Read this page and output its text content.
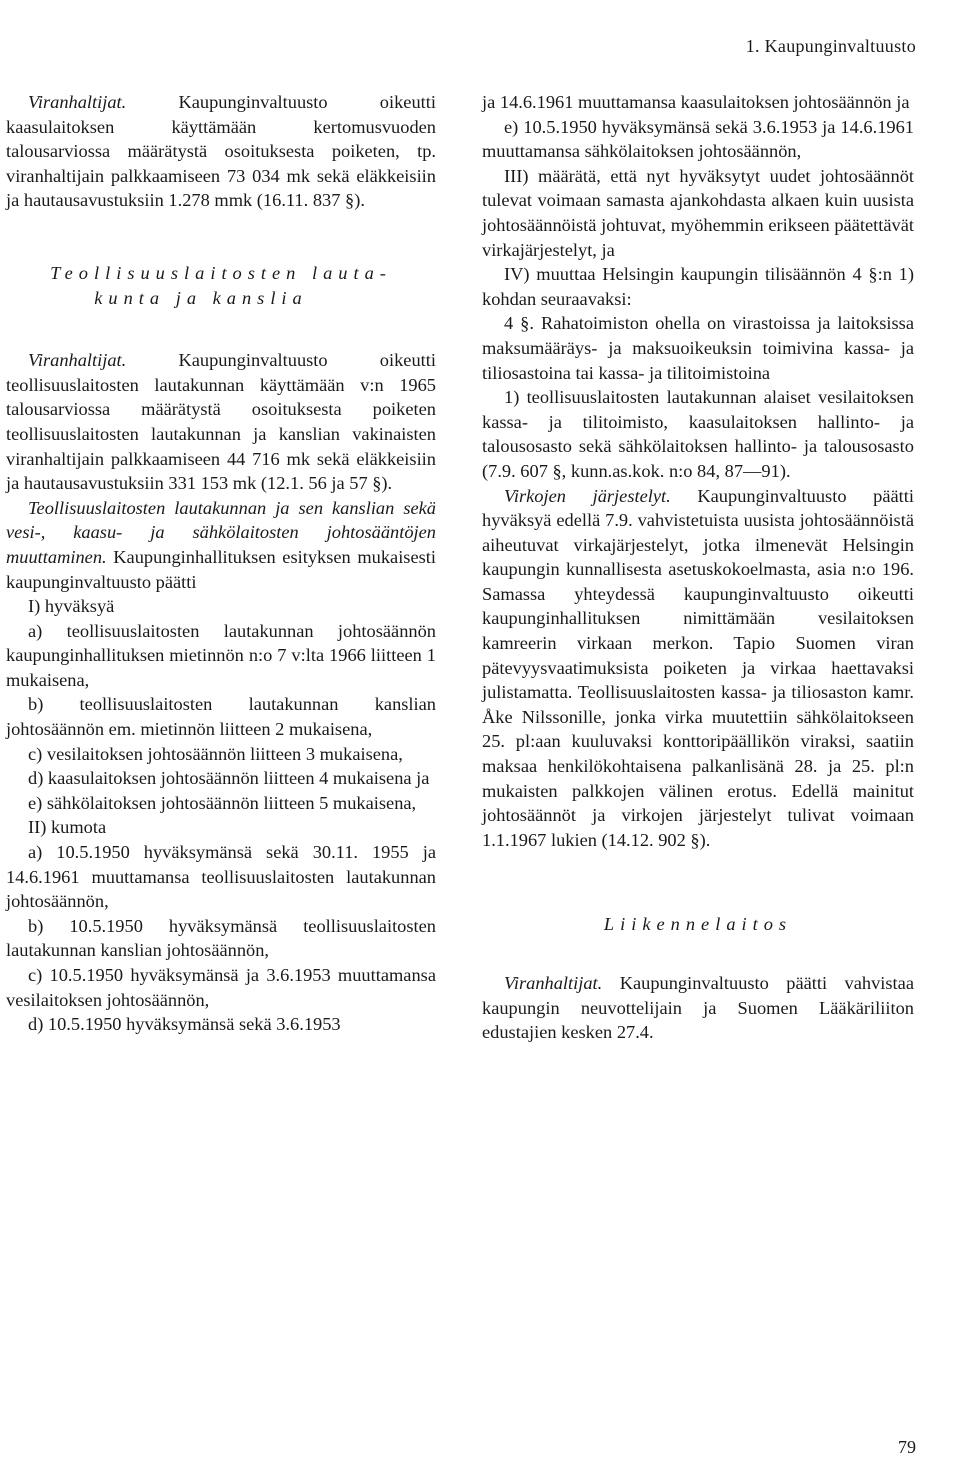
1. Kaupunginvaltuusto

Viranhaltijat. Kaupunginvaltuusto oikeutti kaasulaitoksen käyttämään kertomusvuoden talousarviossa määrätystä osoituksesta poiketen, tp. viranhaltijain palkkaamiseen 73 034 mk sekä eläkkeisiin ja hautausavustuksiin 1.278 mmk (16.11. 837 §).

Teollisuuslaitosten lauta-

kunta ja kanslia

Viranhaltijat. Kaupunginvaltuusto oikeutti teollisuuslaitosten lautakunnan käyttämään v:n 1965 talousarviossa määrätystä osoituksesta poiketen teollisuuslaitosten lautakunnan ja kanslian vakinaisten viranhaltijain palkkaamiseen 44 716 mk sekä eläkkeisiin ja hautausavustuksiin 331 153 mk (12.1. 56 ja 57 §).

Teollisuuslaitosten lautakunnan ja sen kanslian sekä vesi-, kaasu- ja sähkölaitosten johtosääntöjen muuttaminen. Kaupunginhallituksen esityksen mukaisesti kaupunginvaltuusto päätti

I) hyväksyä

a) teollisuuslaitosten lautakunnan johtosäännön kaupunginhallituksen mietinnön n:o 7 v:lta 1966 liitteen 1 mukaisena,

b) teollisuuslaitosten lautakunnan kanslian johtosäännön em. mietinnön liitteen 2 mukaisena,

c) vesilaitoksen johtosäännön liitteen 3 mukaisena,

d) kaasulaitoksen johtosäännön liitteen 4 mukaisena ja

e) sähkölaitoksen johtosäännön liitteen 5 mukaisena,

II) kumota

a) 10.5.1950 hyväksymänsä sekä 30.11. 1955 ja 14.6.1961 muuttamansa teollisuuslaitosten lautakunnan johtosäännön,

b) 10.5.1950 hyväksymänsä teollisuuslaitosten lautakunnan kanslian johtosäännön,

c) 10.5.1950 hyväksymänsä ja 3.6.1953 muuttamansa vesilaitoksen johtosäännön,

d) 10.5.1950 hyväksymänsä sekä 3.6.1953

ja 14.6.1961 muuttamansa kaasulaitoksen johtosäännön ja

e) 10.5.1950 hyväksymänsä sekä 3.6.1953 ja 14.6.1961 muuttamansa sähkölaitoksen johtosäännön,

III) määrätä, että nyt hyväksytyt uudet johtosäännöt tulevat voimaan samasta ajankohdasta alkaen kuin uusista johtosäännöistä johtuvat, myöhemmin erikseen päätettävät virkajärjestelyt, ja

IV) muuttaa Helsingin kaupungin tilisäännön 4 §:n 1) kohdan seuraavaksi:

4 §. Rahatoimiston ohella on virastoissa ja laitoksissa maksumääräys- ja maksuoikeuksin toimivina kassa- ja tiliosastoina tai kassa- ja tilitoimistoina

1) teollisuuslaitosten lautakunnan alaiset vesilaitoksen kassa- ja tilitoimisto, kaasulaitoksen hallinto- ja talousosasto sekä sähkölaitoksen hallinto- ja talousosasto (7.9. 607 §, kunn.as.kok. n:o 84, 87—91).

Virkojen järjestelyt. Kaupunginvaltuusto päätti hyväksyä edellä 7.9. vahvistetuista uusista johtosäännöistä aiheutuvat virkajärjestelyt, jotka ilmenevät Helsingin kaupungin kunnallisesta asetuskokoelmasta, asia n:o 196. Samassa yhteydessä kaupunginvaltuusto oikeutti kaupunginhallituksen nimittämään vesilaitoksen kamreerin virkaan merkon. Tapio Suomen viran pätevyysvaatimuksista poiketen ja virkaa haettavaksi julistamatta. Teollisuuslaitosten kassa- ja tiliosaston kamr. Åke Nilssonille, jonka virka muutettiin sähkölaitokseen 25. pl:aan kuuluvaksi konttoripäällikön viraksi, saatiin maksaa henkilökohtaisena palkanlisänä 28. ja 25. pl:n mukaisten palkkojen välinen erotus. Edellä mainitut johtosäännöt ja virkojen järjestelyt tulivat voimaan 1.1.1967 lukien (14.12. 902 §).

Liikennelaitos

Viranhaltijat. Kaupunginvaltuusto päätti vahvistaa kaupungin neuvottelijain ja Suomen Lääkäriliiton edustajien kesken 27.4.

79
